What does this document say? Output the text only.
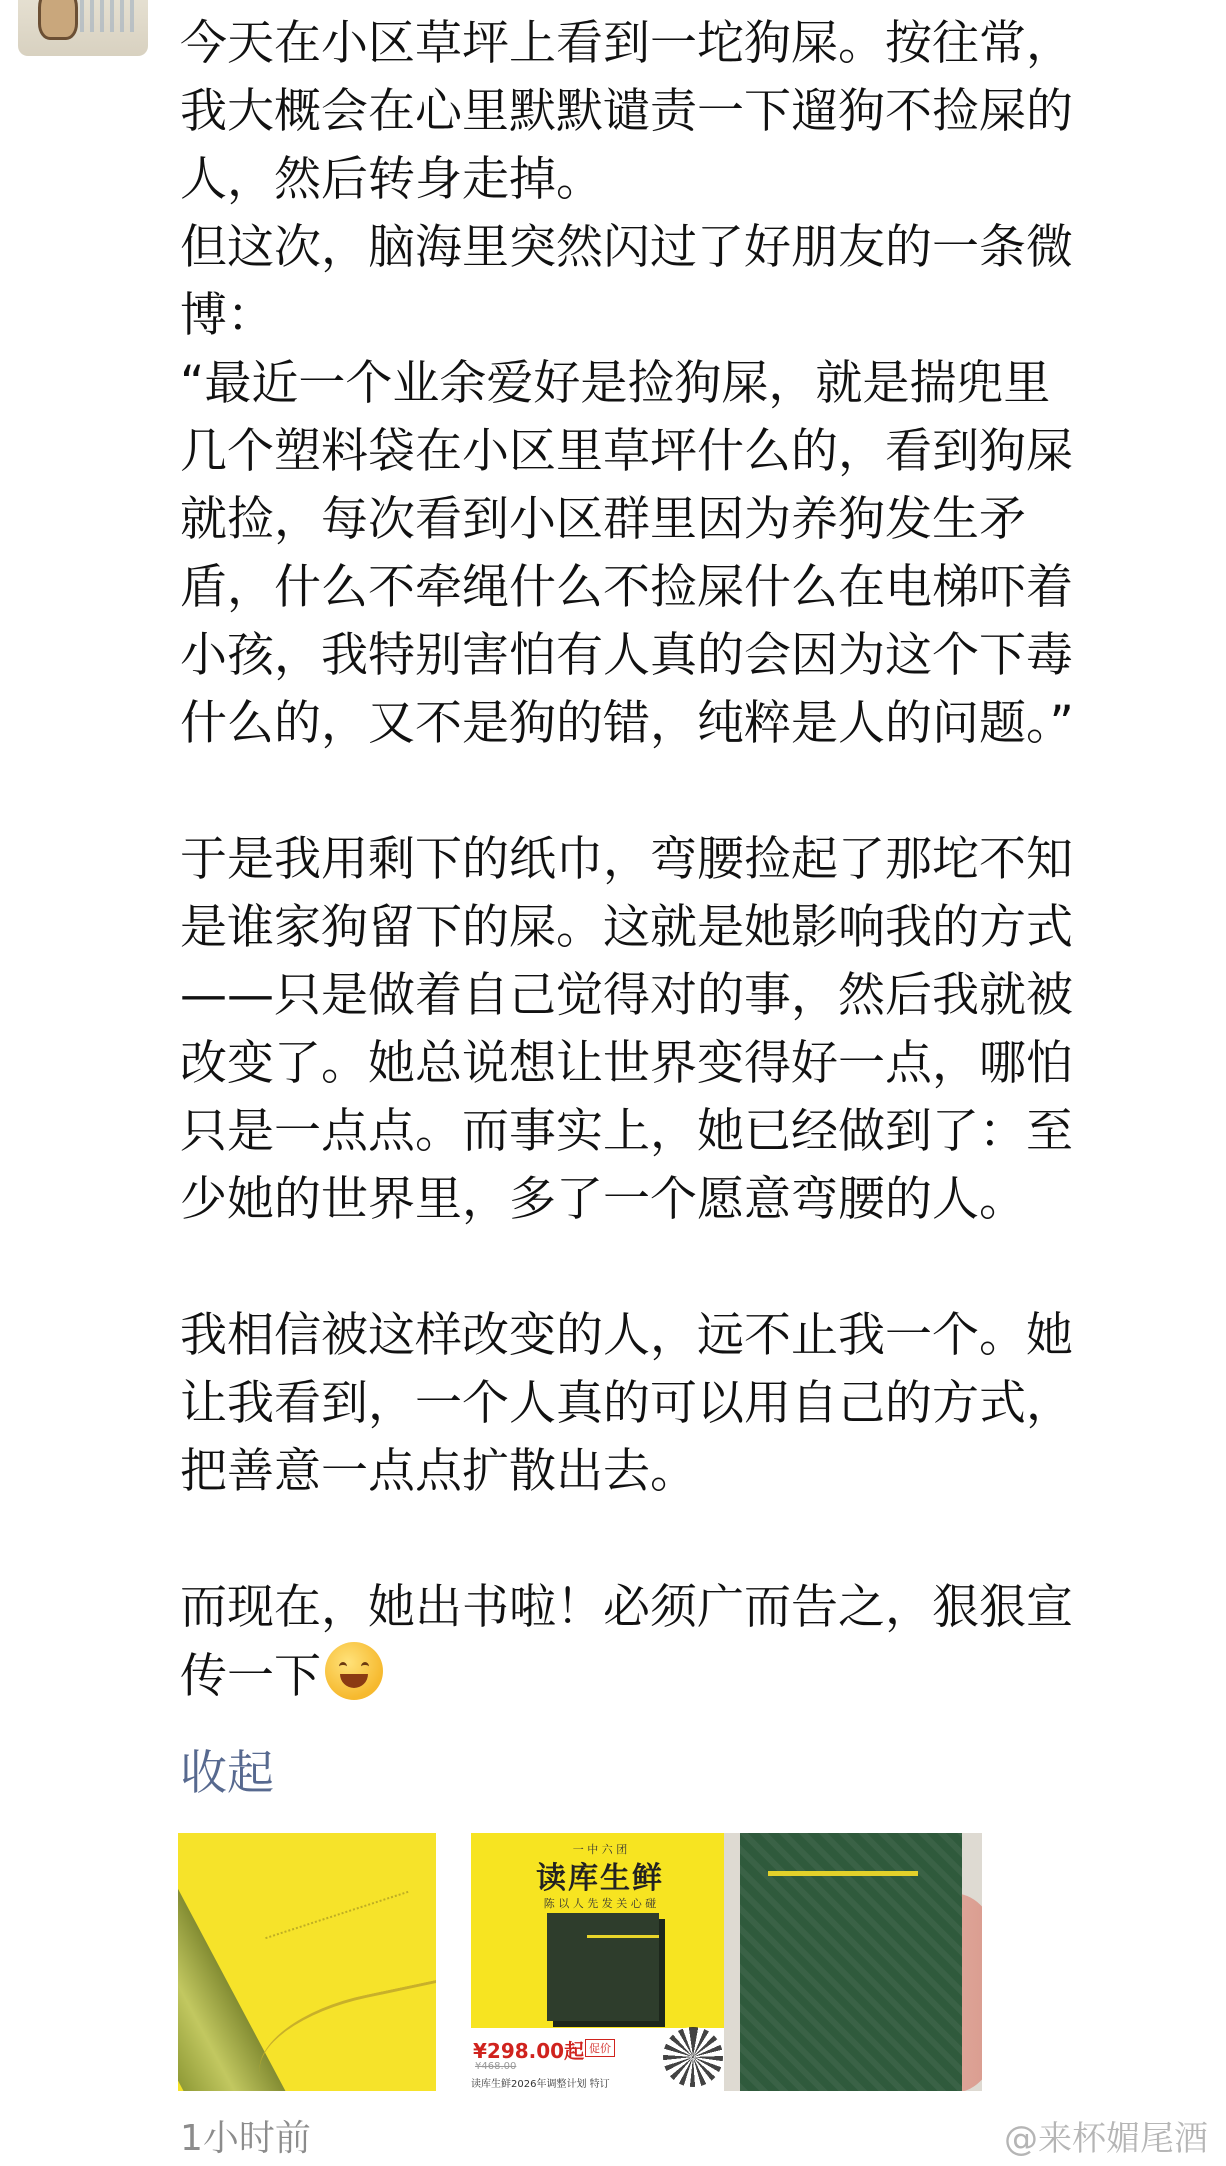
今天在小区草坪上看到一坨狗屎。按往常，
我大概会在心里默默谴责一下遛狗不捡屎的
人，然后转身走掉。
但这次，脑海里突然闪过了好朋友的一条微
博：
“最近一个业余爱好是捡狗屎，就是揣兜里
几个塑料袋在小区里草坪什么的，看到狗屎
就捡，每次看到小区群里因为养狗发生矛
盾，什么不牵绳什么不捡屎什么在电梯吓着
小孩，我特别害怕有人真的会因为这个下毒
什么的，又不是狗的错，纯粹是人的问题。”

于是我用剩下的纸巾，弯腰捡起了那坨不知
是谁家狗留下的屎。这就是她影响我的方式
——只是做着自己觉得对的事，然后我就被
改变了。她总说想让世界变得好一点，哪怕
只是一点点。而事实上，她已经做到了：至
少她的世界里，多了一个愿意弯腰的人。

我相信被这样改变的人，远不止我一个。她
让我看到，一个人真的可以用自己的方式，
把善意一点点扩散出去。

而现在，她出书啦！必须广而告之，狠狠宣
传一下

收起
一 中 六 团
读库生鲜
陈 以 人 先 发 关 心 碰
¥298.00起 促价
¥468.00
读库生鲜2026年调整计划 特订
1小时前	@来杯媚尾酒
